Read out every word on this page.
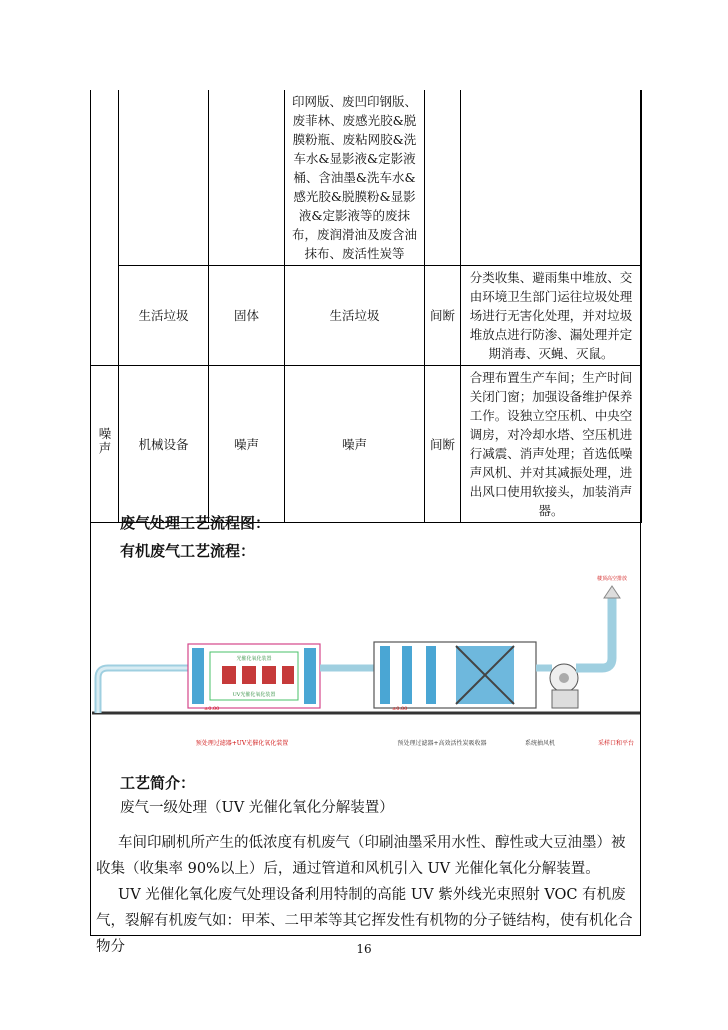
			印网版、废凹印钢版、废菲林、废感光胶&脱膜粉瓶、废粘网胶&洗车水&显影液&定影液桶、含油墨&洗车水&感光胶&脱膜粉&显影液&定影液等的废抹布，废润滑油及废含油抹布、废活性炭等		
	生活垃圾	固体	生活垃圾	间断	分类收集、避雨集中堆放、交由环境卫生部门运往垃圾处理场进行无害化处理，并对垃圾堆放点进行防渗、漏处理并定期消毒、灭蝇、灭鼠。
噪声	机械设备	噪声	噪声	间断	合理布置生产车间；生产时间关闭门窗；加强设备维护保养工作。设独立空压机、中央空调房，对冷却水塔、空压机进行减震、消声处理；首选低噪声风机、并对其减振处理，进出风口使用软接头，加装消声器。
废气处理工艺流程图：
有机废气工艺流程：
光催化氧化装置
UV光催化氧化装置
±0.00	±0.00
楼顶高空排放
预处理过滤器+UV光催化氧化装置	预处理过滤器+高效活性炭吸收器	系统抽风机	采样口和平台
工艺简介：
废气一级处理（UV 光催化氧化分解装置）
车间印刷机所产生的低浓度有机废气（印刷油墨采用水性、醇性或大豆油墨）被收集（收集率 90%以上）后，通过管道和风机引入 UV 光催化氧化分解装置。
UV 光催化氧化废气处理设备利用特制的高能 UV 紫外线光束照射 VOC 有机废气，裂解有机废气如：甲苯、二甲苯等其它挥发性有机物的分子链结构，使有机化合物分	16
